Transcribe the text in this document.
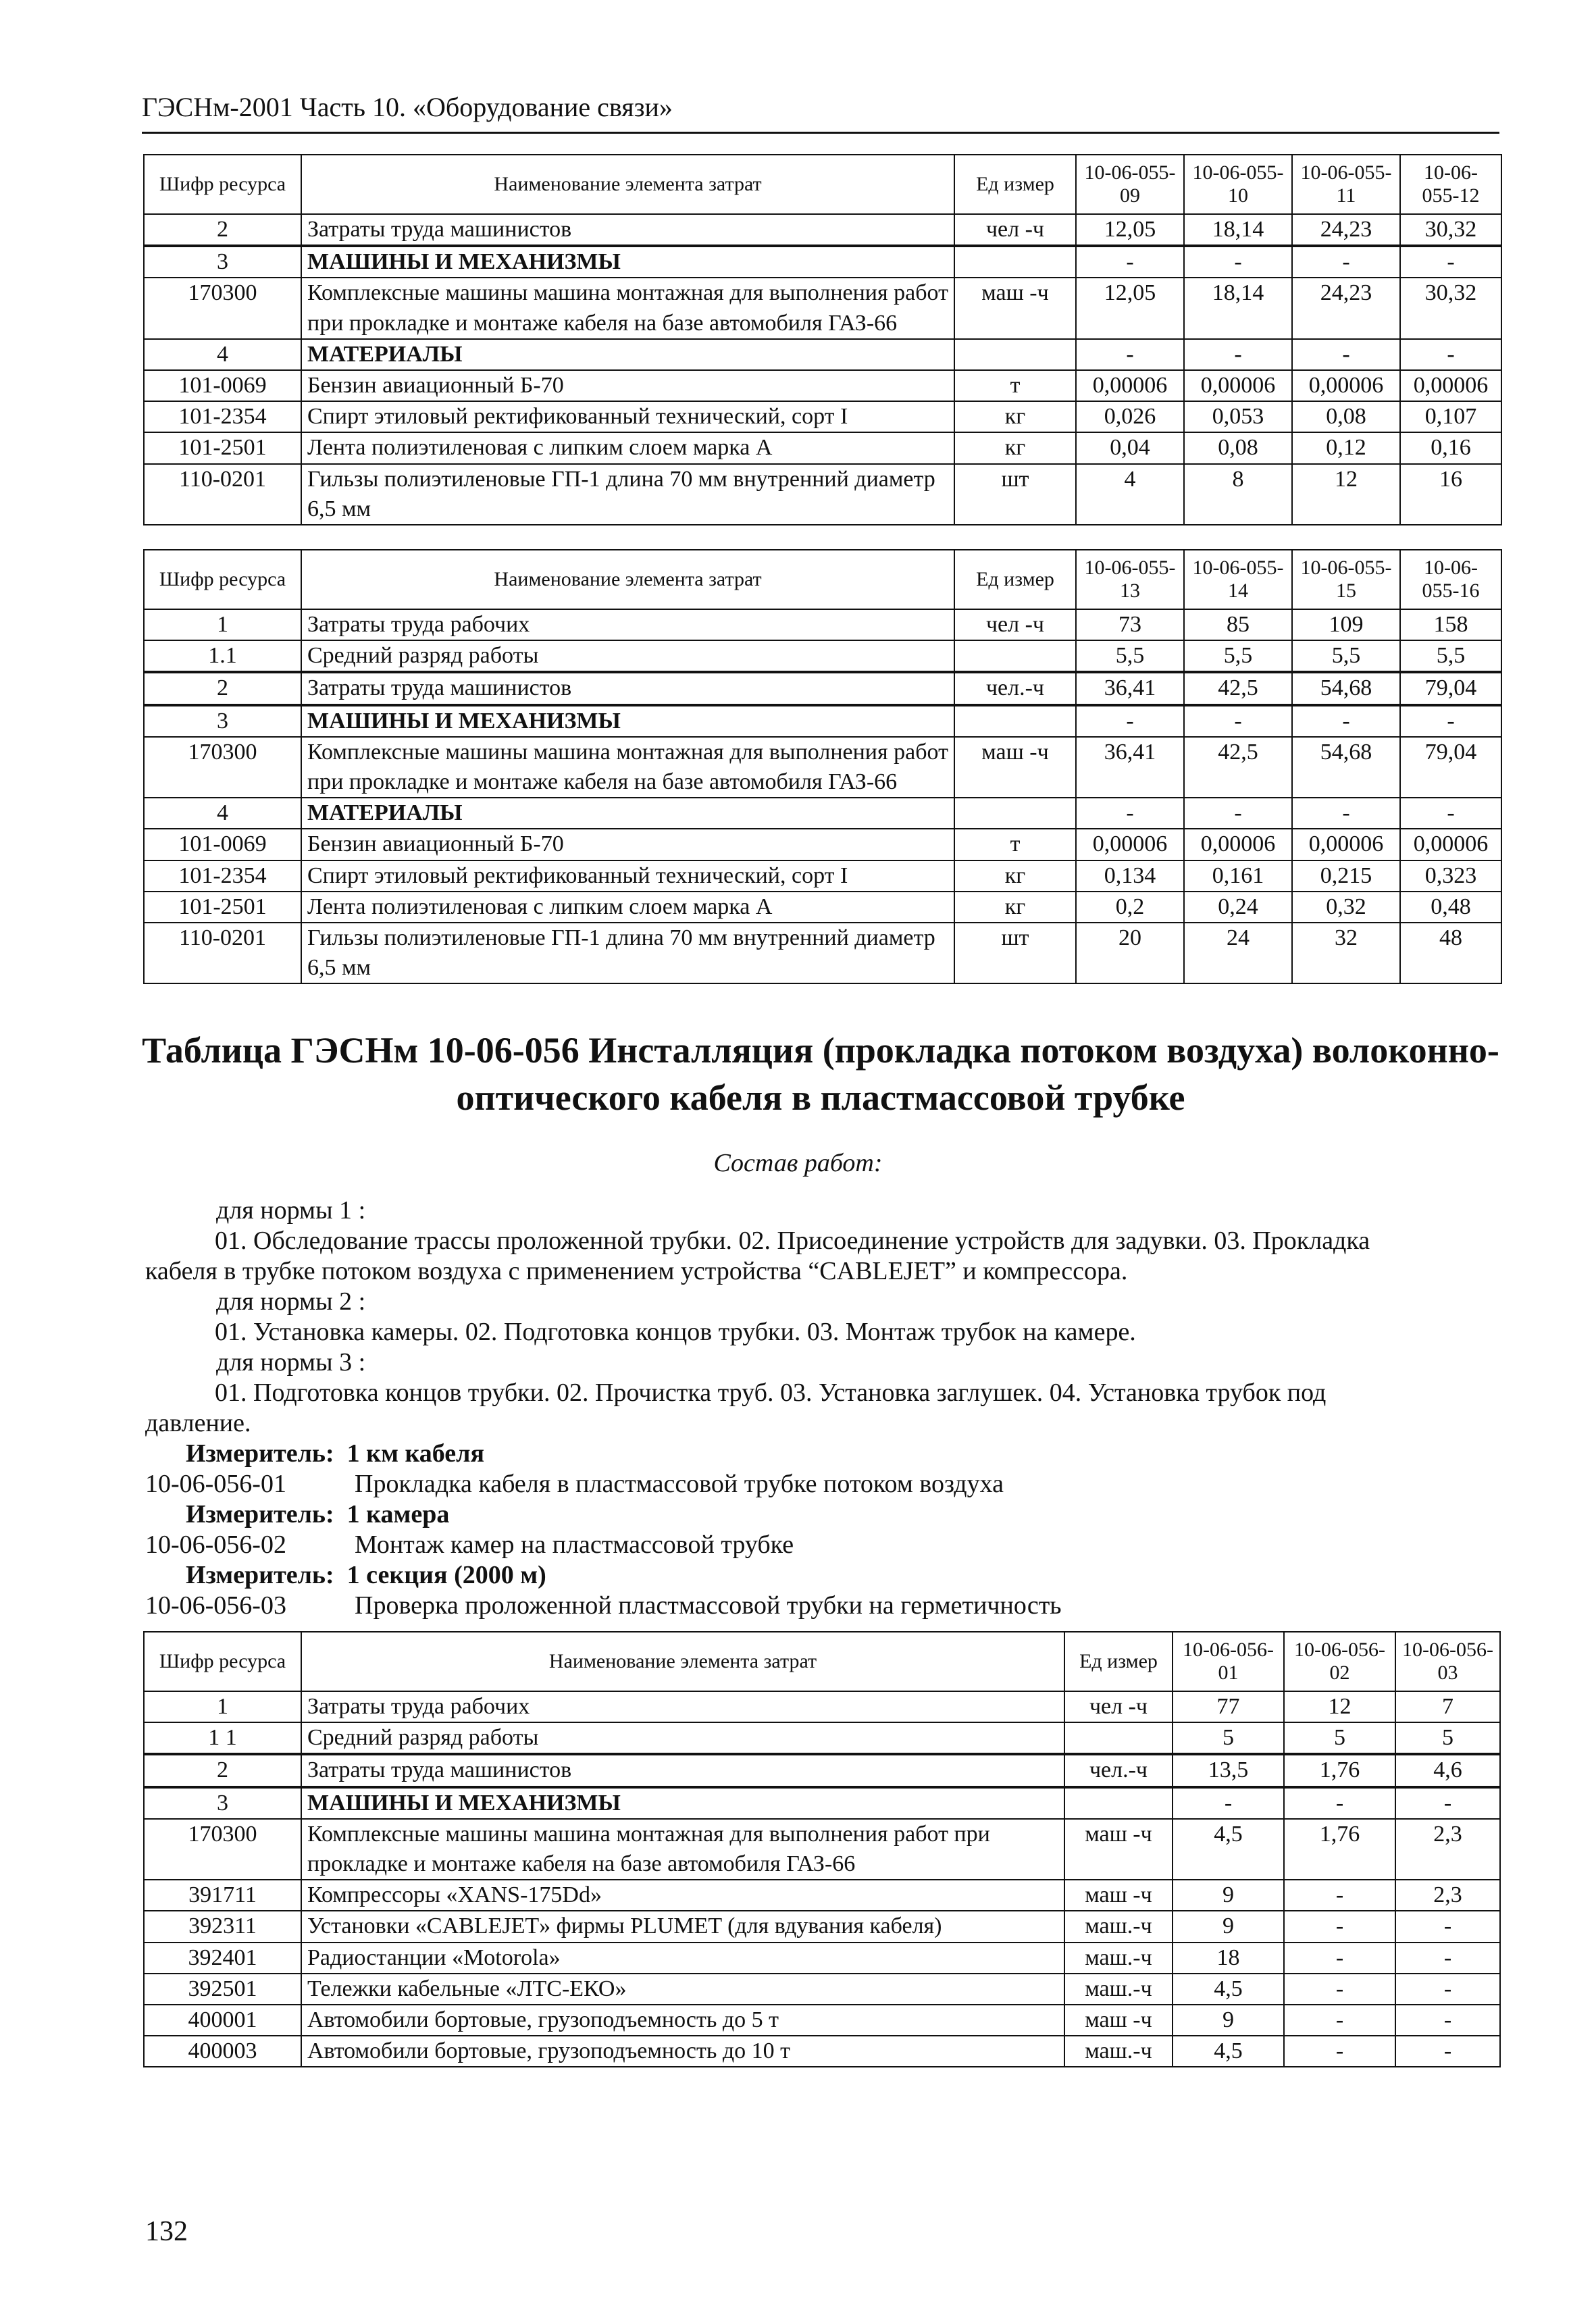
ГЭСНм-2001 Часть 10. «Оборудование связи»
Шифр ресурса	Наименование элемента затрат	Ед измер	10-06-055-09	10-06-055-10	10-06-055-11	10-06-055-12
2	Затраты труда машинистов	чел -ч	12,05	18,14	24,23	30,32
3	МАШИНЫ И МЕХАНИЗМЫ		-	-	-	-
170300	Комплексные машины машина монтажная для выполнения работ при прокладке и монтаже кабеля на базе автомобиля ГАЗ-66	маш -ч	12,05	18,14	24,23	30,32
4	МАТЕРИАЛЫ		-	-	-	-
101-0069	Бензин авиационный Б-70	т	0,00006	0,00006	0,00006	0,00006
101-2354	Спирт этиловый ректификованный технический, сорт I	кг	0,026	0,053	0,08	0,107
101-2501	Лента полиэтиленовая с липким слоем марка А	кг	0,04	0,08	0,12	0,16
110-0201	Гильзы полиэтиленовые ГП-1 длина 70 мм внутренний диаметр 6,5 мм	шт	4	8	12	16
Шифр ресурса	Наименование элемента затрат	Ед измер	10-06-055-13	10-06-055-14	10-06-055-15	10-06-055-16
1	Затраты труда рабочих	чел -ч	73	85	109	158
1.1	Средний разряд работы		5,5	5,5	5,5	5,5
2	Затраты труда машинистов	чел.-ч	36,41	42,5	54,68	79,04
3	МАШИНЫ И МЕХАНИЗМЫ		-	-	-	-
170300	Комплексные машины машина монтажная для выполнения работ при прокладке и монтаже кабеля на базе автомобиля ГАЗ-66	маш -ч	36,41	42,5	54,68	79,04
4	МАТЕРИАЛЫ		-	-	-	-
101-0069	Бензин авиационный Б-70	т	0,00006	0,00006	0,00006	0,00006
101-2354	Спирт этиловый ректификованный технический, сорт I	кг	0,134	0,161	0,215	0,323
101-2501	Лента полиэтиленовая с липким слоем марка А	кг	0,2	0,24	0,32	0,48
110-0201	Гильзы полиэтиленовые ГП-1 длина 70 мм внутренний диаметр 6,5 мм	шт	20	24	32	48
Таблица ГЭСНм 10-06-056 Инсталляция (прокладка потоком воздуха) волоконно-
оптического кабеля в пластмассовой трубке
Состав работ:
для нормы 1 :
01. Обследование трассы проложенной трубки. 02. Присоединение устройств для задувки. 03. Прокладка
кабеля в трубке потоком воздуха с применением устройства “CABLEJET” и компрессора.
для нормы 2 :
01. Установка камеры. 02. Подготовка концов трубки. 03. Монтаж трубок на камере.
для нормы 3 :
01. Подготовка концов трубки. 02. Прочистка труб. 03. Установка заглушек. 04. Установка трубок под
давление.
Измеритель: 1 км кабеля
10-06-056-01	Прокладка кабеля в пластмассовой трубке потоком воздуха
Измеритель: 1 камера
10-06-056-02	Монтаж камер на пластмассовой трубке
Измеритель: 1 секция (2000 м)
10-06-056-03	Проверка проложенной пластмассовой трубки на герметичность
Шифр ресурса	Наименование элемента затрат	Ед измер	10-06-056-01	10-06-056-02	10-06-056-03
1	Затраты труда рабочих	чел -ч	77	12	7
1 1	Средний разряд работы		5	5	5
2	Затраты труда машинистов	чел.-ч	13,5	1,76	4,6
3	МАШИНЫ И МЕХАНИЗМЫ		-	-	-
170300	Комплексные машины машина монтажная для выполнения работ при прокладке и монтаже кабеля на базе автомобиля ГАЗ-66	маш -ч	4,5	1,76	2,3
391711	Компрессоры «XANS-175Dd»	маш -ч	9	-	2,3
392311	Установки «CABLEJET» фирмы PLUMET (для вдувания кабеля)	маш.-ч	9	-	-
392401	Радиостанции «Motorola»	маш.-ч	18	-	-
392501	Тележки кабельные «ЛТС-ЕКО»	маш.-ч	4,5	-	-
400001	Автомобили бортовые, грузоподъемность до 5 т	маш -ч	9	-	-
400003	Автомобили бортовые, грузоподъемность до 10 т	маш.-ч	4,5	-	-
132
